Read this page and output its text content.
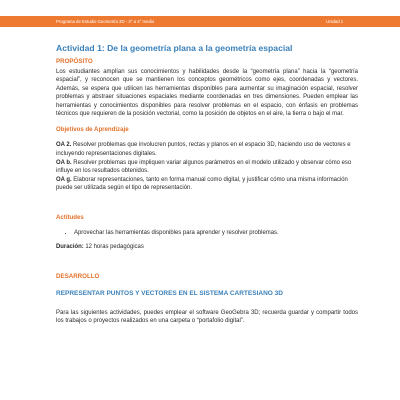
Programa de Estudio Geometría 3D - 3° a 4° medio	Unidad 1
Actividad 1: De la geometría plana a la geometría espacial
PROPÓSITO

Los estudiantes amplían sus conocimientos y habilidades desde la “geometría plana” hacia la “geometría espacial”, y reconocen que se mantienen los conceptos geométricos como ejes, coordenadas y vectores. Además, se espera que utilicen las herramientas disponibles para aumentar su imaginación espacial, resolver problemas y abstraer situaciones espaciales mediante coordenadas en tres dimensiones. Pueden emplear las herramientas y conocimientos disponibles para resolver problemas en el espacio, con énfasis en problemas técnicos que requieren de la posición vectorial, como la posición de objetos en el aire, la tierra o bajo el mar.

Objetivos de Aprendizaje

OA 2. Resolver problemas que involucren puntos, rectas y planos en el espacio 3D, haciendo uso de vectores e incluyendo representaciones digitales.

OA b. Resolver problemas que impliquen variar algunos parámetros en el modelo utilizado y observar cómo eso influye en los resultados obtenidos.

OA g. Elaborar representaciones, tanto en forma manual como digital, y justificar cómo una misma información puede ser utilizada según el tipo de representación.

Actitudes
• Aprovechar las herramientas disponibles para aprender y resolver problemas.

Duración: 12 horas pedagógicas

DESARROLLO
REPRESENTAR PUNTOS Y VECTORES EN EL SISTEMA CARTESIANO 3D

Para las siguientes actividades, puedes emplear el software GeoGebra 3D; recuerda guardar y compartir todos los trabajos o proyectos realizados en una carpeta o “portafolio digital”.
